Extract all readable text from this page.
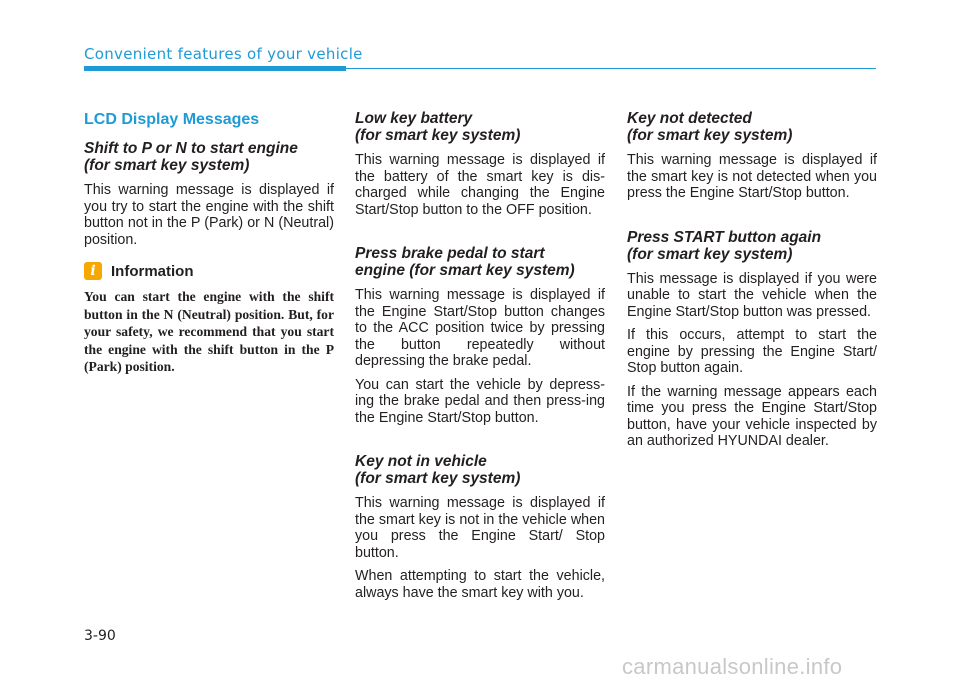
Convenient features of your vehicle
LCD Display Messages
Shift to P or N to start engine
(for smart key system)

This warning message is displayed if you try to start the engine with the shift button not in the P (Park) or N (Neutral) position.

i Information

You can start the engine with the shift button in the N (Neutral) position. But, for your safety, we recommend that you start the engine with the shift button in the P (Park) position.

Low key battery
(for smart key system)

This warning message is displayed if the battery of the smart key is dis-charged while changing the Engine Start/Stop button to the OFF position.

Press brake pedal to start
engine (for smart key system)

This warning message is displayed if the Engine Start/Stop button changes to the ACC position twice by pressing the button repeatedly without depressing the brake pedal.

You can start the vehicle by depress-ing the brake pedal and then press-ing the Engine Start/Stop button.

Key not in vehicle
(for smart key system)

This warning message is displayed if the smart key is not in the vehicle when you press the Engine Start/ Stop button.

When attempting to start the vehicle, always have the smart key with you.

Key not detected
(for smart key system)

This warning message is displayed if the smart key is not detected when you press the Engine Start/Stop button.

Press START button again
(for smart key system)

This message is displayed if you were unable to start the vehicle when the Engine Start/Stop button was pressed.

If this occurs, attempt to start the engine by pressing the Engine Start/ Stop button again.

If the warning message appears each time you press the Engine Start/Stop button, have your vehicle inspected by an authorized HYUNDAI dealer.

3-90
carmanualsonline.info
